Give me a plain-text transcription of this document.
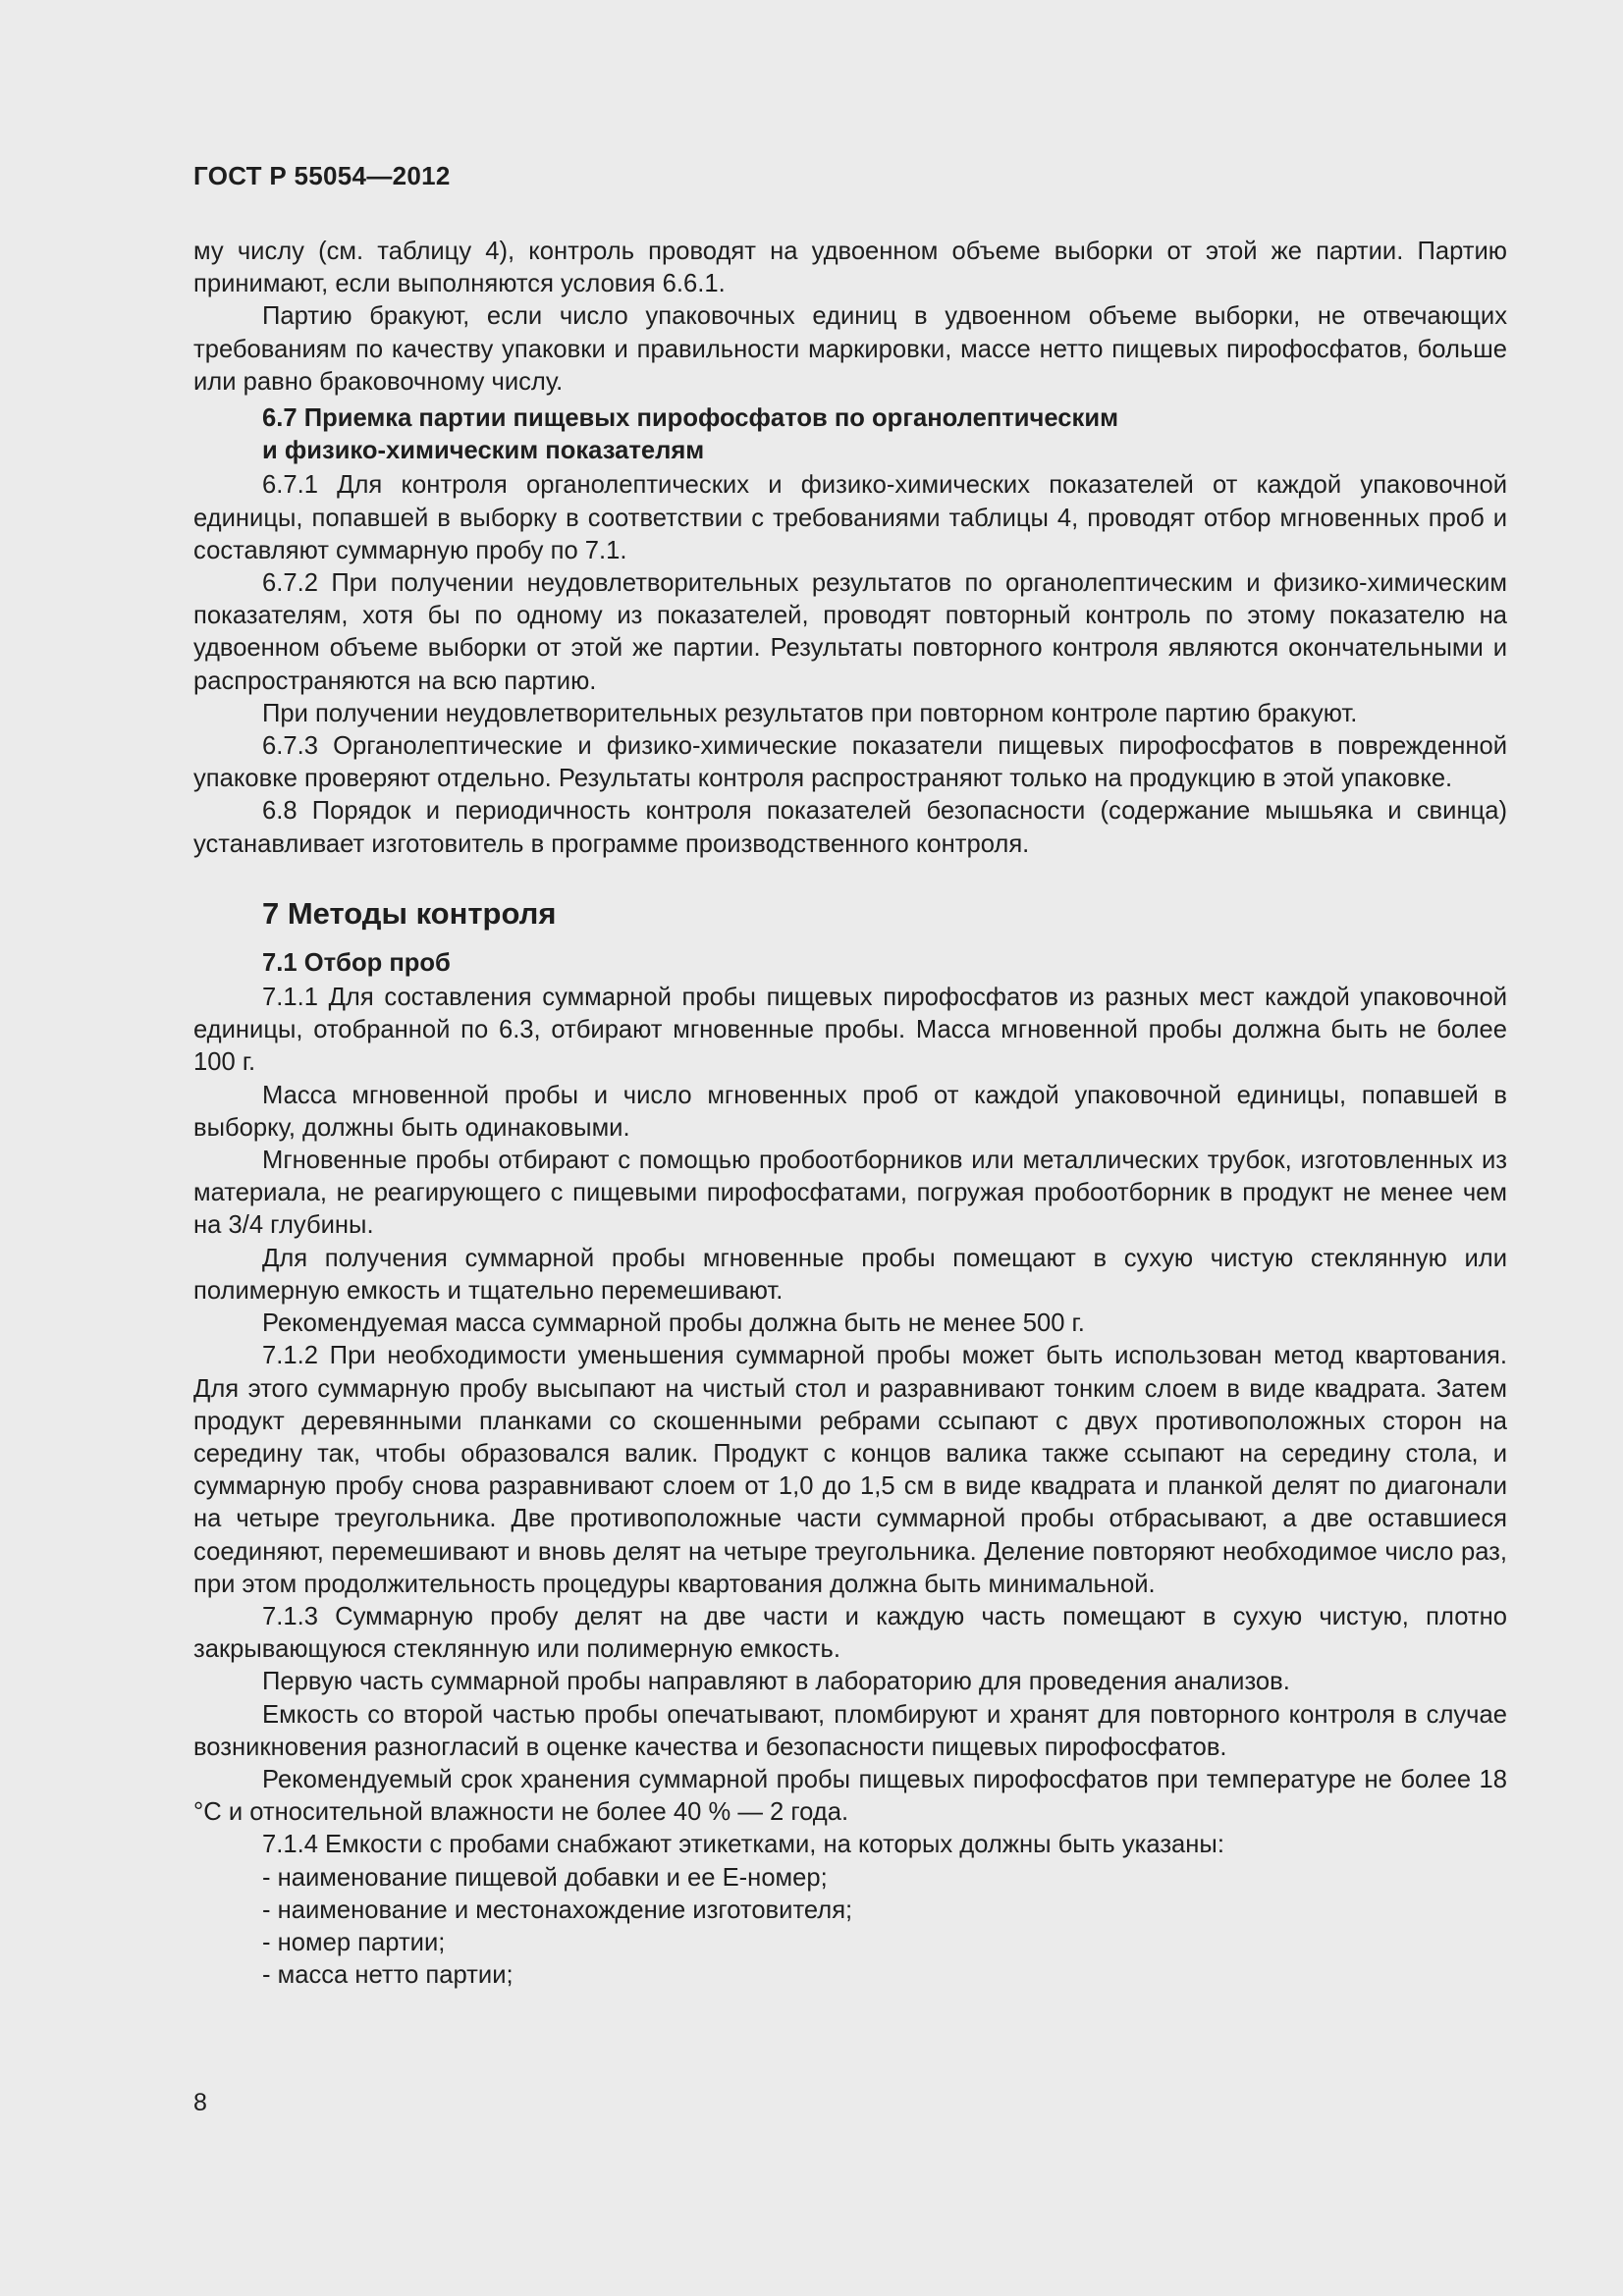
ГОСТ Р 55054—2012

му числу (см. таблицу 4), контроль проводят на удвоенном объеме выборки от этой же партии. Партию принимают, если выполняются условия 6.6.1.

Партию бракуют, если число упаковочных единиц в удвоенном объеме выборки, не отвечающих требованиям по качеству упаковки и правильности маркировки, массе нетто пищевых пирофосфатов, больше или равно браковочному числу.

6.7 Приемка партии пищевых пирофосфатов по органолептическим
и физико-химическим показателям

6.7.1 Для контроля органолептических и физико-химических показателей от каждой упаковочной единицы, попавшей в выборку в соответствии с требованиями таблицы 4, проводят отбор мгновенных проб и составляют суммарную пробу по 7.1.

6.7.2 При получении неудовлетворительных результатов по органолептическим и физико-химическим показателям, хотя бы по одному из показателей, проводят повторный контроль по этому показателю на удвоенном объеме выборки от этой же партии. Результаты повторного контроля являются окончательными и распространяются на всю партию.

При получении неудовлетворительных результатов при повторном контроле партию бракуют.

6.7.3 Органолептические и физико-химические показатели пищевых пирофосфатов в поврежденной упаковке проверяют отдельно. Результаты контроля распространяют только на продукцию в этой упаковке.

6.8 Порядок и периодичность контроля показателей безопасности (содержание мышьяка и свинца) устанавливает изготовитель в программе производственного контроля.

7 Методы контроля

7.1 Отбор проб

7.1.1 Для составления суммарной пробы пищевых пирофосфатов из разных мест каждой упаковочной единицы, отобранной по 6.3, отбирают мгновенные пробы. Масса мгновенной пробы должна быть не более 100 г.

Масса мгновенной пробы и число мгновенных проб от каждой упаковочной единицы, попавшей в выборку, должны быть одинаковыми.

Мгновенные пробы отбирают с помощью пробоотборников или металлических трубок, изготовленных из материала, не реагирующего с пищевыми пирофосфатами, погружая пробоотборник в продукт не менее чем на 3/4 глубины.

Для получения суммарной пробы мгновенные пробы помещают в сухую чистую стеклянную или полимерную емкость и тщательно перемешивают.

Рекомендуемая масса суммарной пробы должна быть не менее 500 г.

7.1.2 При необходимости уменьшения суммарной пробы может быть использован метод квартования. Для этого суммарную пробу высыпают на чистый стол и разравнивают тонким слоем в виде квадрата. Затем продукт деревянными планками со скошенными ребрами ссыпают с двух противоположных сторон на середину так, чтобы образовался валик. Продукт с концов валика также ссыпают на середину стола, и суммарную пробу снова разравнивают слоем от 1,0 до 1,5 см в виде квадрата и планкой делят по диагонали на четыре треугольника. Две противоположные части суммарной пробы отбрасывают, а две оставшиеся соединяют, перемешивают и вновь делят на четыре треугольника. Деление повторяют необходимое число раз, при этом продолжительность процедуры квартования должна быть минимальной.

7.1.3 Суммарную пробу делят на две части и каждую часть помещают в сухую чистую, плотно закрывающуюся стеклянную или полимерную емкость.

Первую часть суммарной пробы направляют в лабораторию для проведения анализов.

Емкость со второй частью пробы опечатывают, пломбируют и хранят для повторного контроля в случае возникновения разногласий в оценке качества и безопасности пищевых пирофосфатов.

Рекомендуемый срок хранения суммарной пробы пищевых пирофосфатов при температуре не более 18 °С и относительной влажности не более 40 % — 2 года.

7.1.4 Емкости с пробами снабжают этикетками, на которых должны быть указаны:

- наименование пищевой добавки и ее Е-номер;

- наименование и местонахождение изготовителя;

- номер партии;

- масса нетто партии;

8
